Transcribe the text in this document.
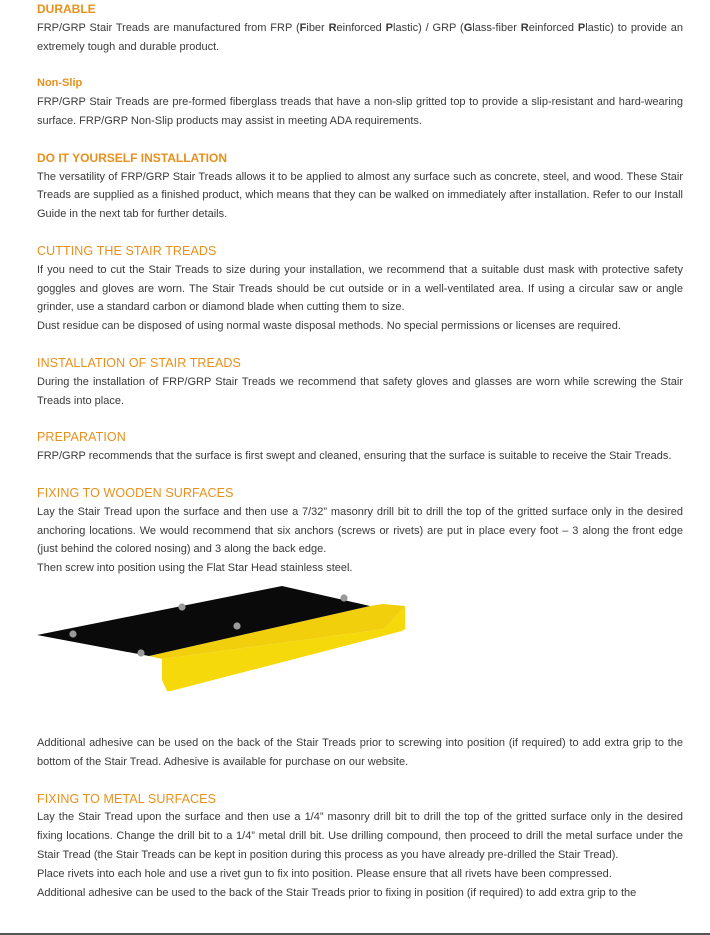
DURABLE

FRP/GRP Stair Treads are manufactured from FRP (Fiber Reinforced Plastic) / GRP (Glass-fiber Reinforced Plastic) to provide an extremely tough and durable product.

Non-Slip

FRP/GRP Stair Treads are pre-formed fiberglass treads that have a non-slip gritted top to provide a slip-resistant and hard-wearing surface. FRP/GRP Non-Slip products may assist in meeting ADA requirements.

DO IT YOURSELF INSTALLATION

The versatility of FRP/GRP Stair Treads allows it to be applied to almost any surface such as concrete, steel, and wood. These Stair Treads are supplied as a finished product, which means that they can be walked on immediately after installation. Refer to our Install Guide in the next tab for further details.

CUTTING THE STAIR TREADS

If you need to cut the Stair Treads to size during your installation, we recommend that a suitable dust mask with protective safety goggles and gloves are worn. The Stair Treads should be cut outside or in a well-ventilated area. If using a circular saw or angle grinder, use a standard carbon or diamond blade when cutting them to size.

Dust residue can be disposed of using normal waste disposal methods. No special permissions or licenses are required.

INSTALLATION OF STAIR TREADS

During the installation of FRP/GRP Stair Treads we recommend that safety gloves and glasses are worn while screwing the Stair Treads into place.

PREPARATION

FRP/GRP recommends that the surface is first swept and cleaned, ensuring that the surface is suitable to receive the Stair Treads.

FIXING TO WOODEN SURFACES

Lay the Stair Tread upon the surface and then use a 7/32” masonry drill bit to drill the top of the gritted surface only in the desired anchoring locations. We would recommend that six anchors (screws or rivets) are put in place every foot – 3 along the front edge (just behind the colored nosing) and 3 along the back edge.

Then screw into position using the Flat Star Head stainless steel.

Additional adhesive can be used on the back of the Stair Treads prior to screwing into position (if required) to add extra grip to the bottom of the Stair Tread. Adhesive is available for purchase on our website.

FIXING TO METAL SURFACES

Lay the Stair Tread upon the surface and then use a 1/4” masonry drill bit to drill the top of the gritted surface only in the desired fixing locations. Change the drill bit to a 1/4” metal drill bit. Use drilling compound, then proceed to drill the metal surface under the Stair Tread (the Stair Treads can be kept in position during this process as you have already pre-drilled the Stair Tread).

Place rivets into each hole and use a rivet gun to fix into position. Please ensure that all rivets have been compressed.

Additional adhesive can be used to the back of the Stair Treads prior to fixing in position (if required) to add extra grip to the
